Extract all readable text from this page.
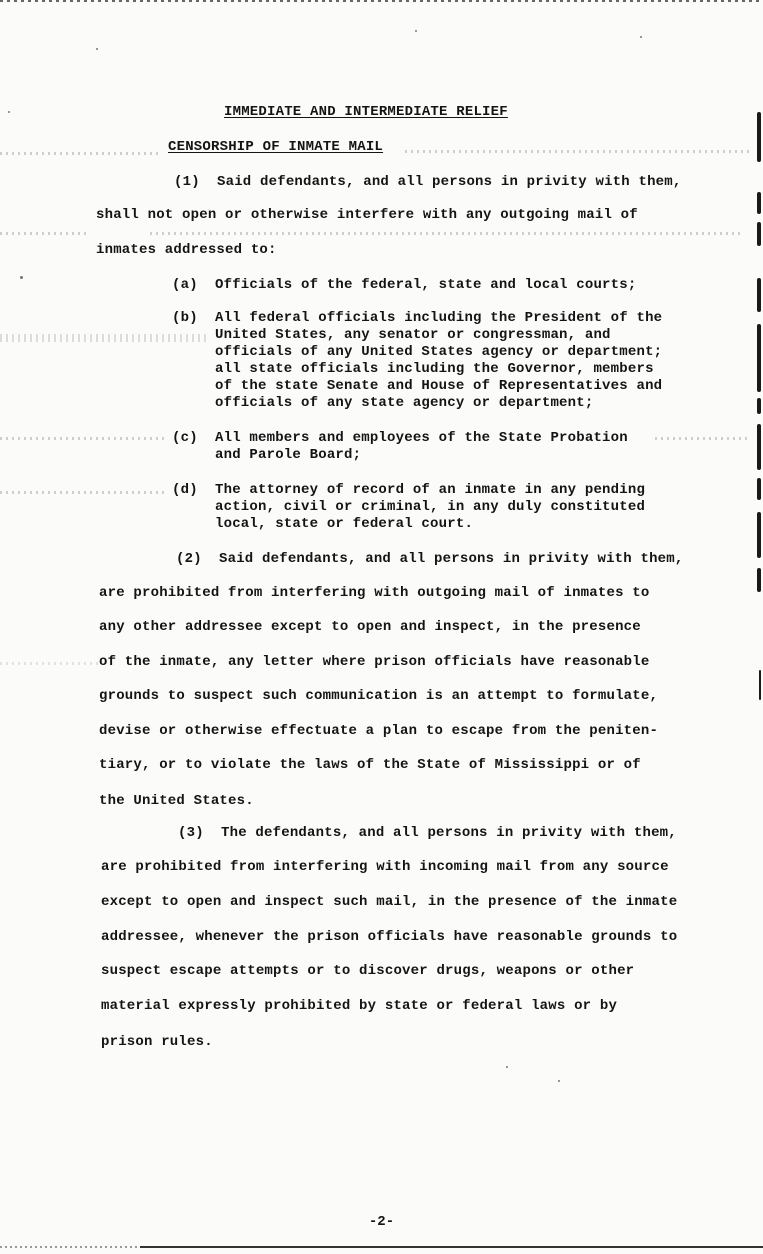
IMMEDIATE AND INTERMEDIATE RELIEF
CENSORSHIP OF INMATE MAIL
(1)  Said defendants, and all persons in privity with them,
shall not open or otherwise interfere with any outgoing mail of
inmates addressed to:
(a) Officials of the federal, state and local courts;
(b) All federal officials including the President of the
United States, any senator or congressman, and
officials of any United States agency or department;
all state officials including the Governor, members
of the state Senate and House of Representatives and
officials of any state agency or department;
(c) All members and employees of the State Probation
and Parole Board;
(d) The attorney of record of an inmate in any pending
action, civil or criminal, in any duly constituted
local, state or federal court.
(2)  Said defendants, and all persons in privity with them,
are prohibited from interfering with outgoing mail of inmates to
any other addressee except to open and inspect, in the presence
of the inmate, any letter where prison officials have reasonable
grounds to suspect such communication is an attempt to formulate,
devise or otherwise effectuate a plan to escape from the peniten-
tiary, or to violate the laws of the State of Mississippi or of
the United States.
(3)  The defendants, and all persons in privity with them,
are prohibited from interfering with incoming mail from any source
except to open and inspect such mail, in the presence of the inmate
addressee, whenever the prison officials have reasonable grounds to
suspect escape attempts or to discover drugs, weapons or other
material expressly prohibited by state or federal laws or by
prison rules.
-2-
